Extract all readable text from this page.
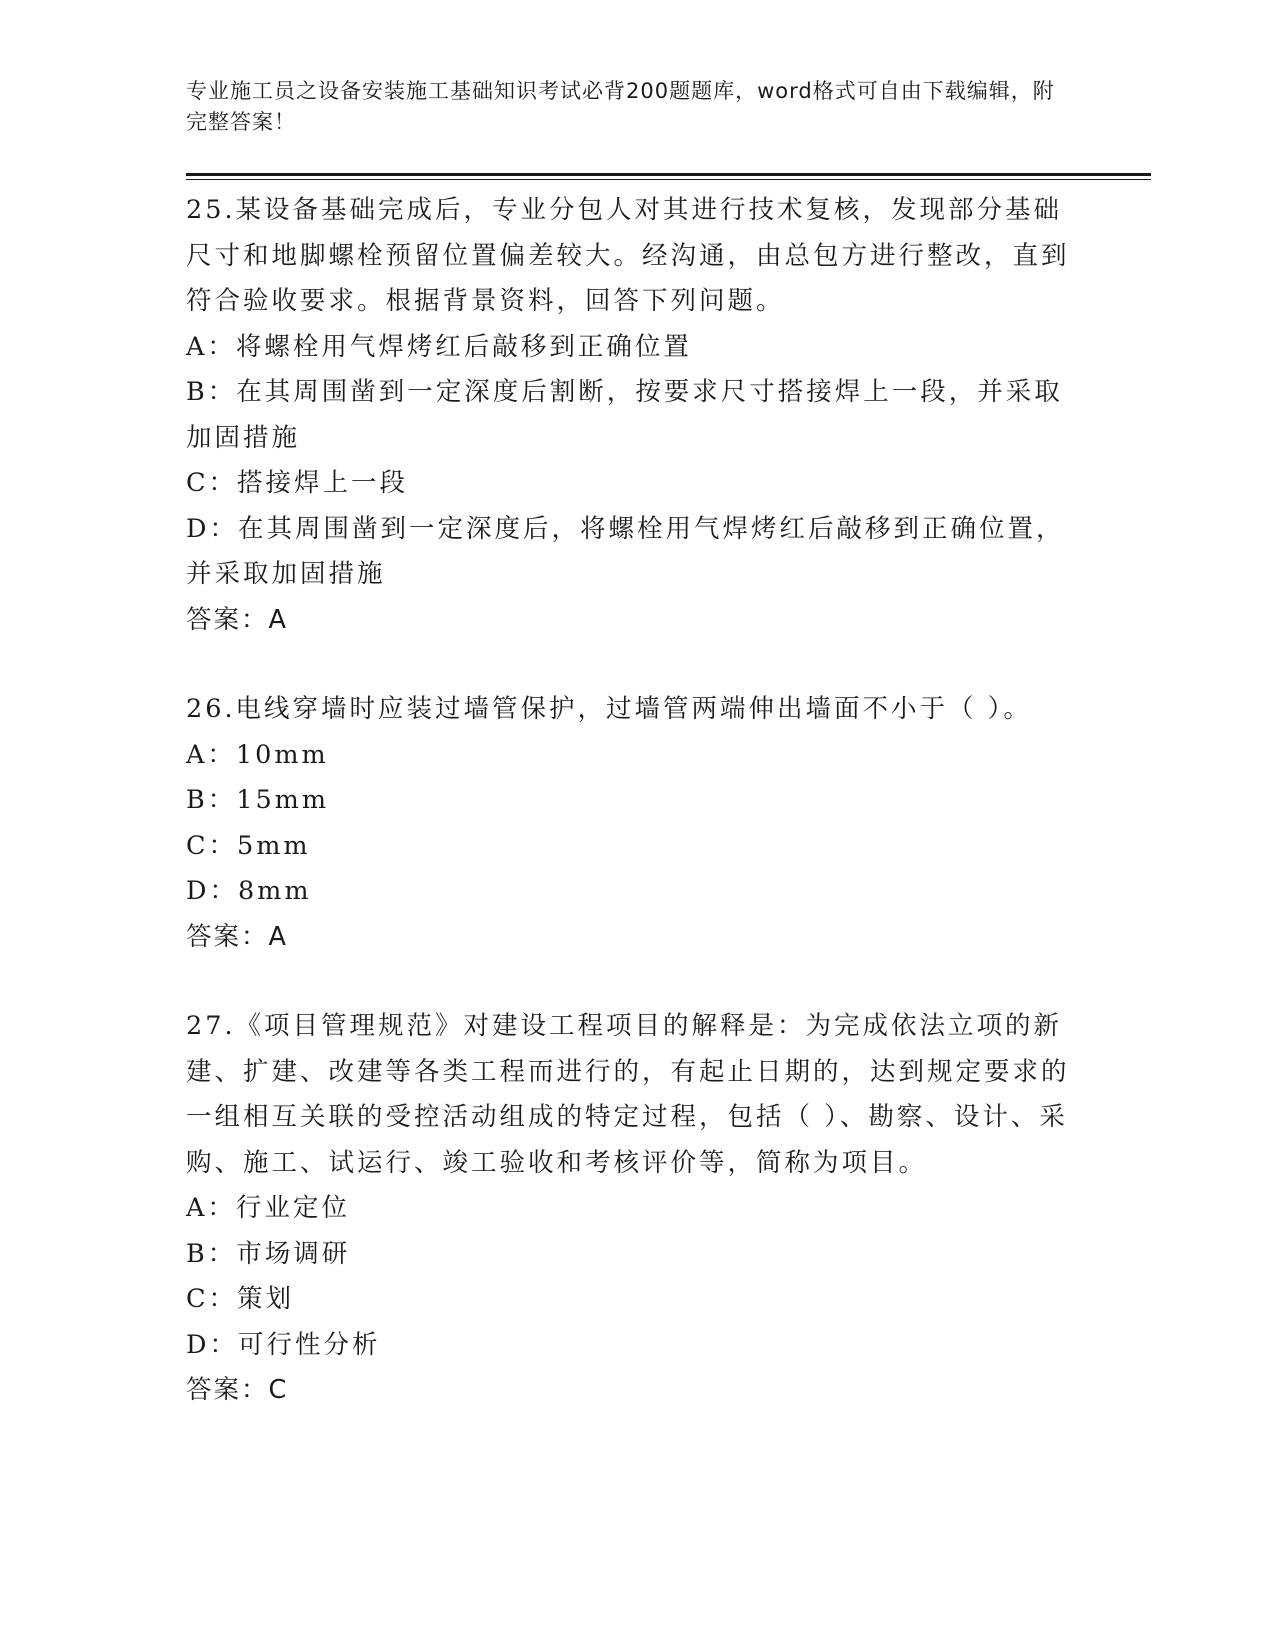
专业施工员之设备安装施工基础知识考试必背200题题库，word格式可自由下载编辑，附完整答案！

25.某设备基础完成后，专业分包人对其进行技术复核，发现部分基础尺寸和地脚螺栓预留位置偏差较大。经沟通，由总包方进行整改，直到符合验收要求。根据背景资料，回答下列问题。

A：将螺栓用气焊烤红后敲移到正确位置

B：在其周围凿到一定深度后割断，按要求尺寸搭接焊上一段，并采取加固措施

C：搭接焊上一段

D：在其周围凿到一定深度后，将螺栓用气焊烤红后敲移到正确位置，并采取加固措施

答案：A

26.电线穿墙时应装过墙管保护，过墙管两端伸出墙面不小于（ ）。

A：10mm

B：15mm

C：5mm

D：8mm

答案：A

27.《项目管理规范》对建设工程项目的解释是：为完成依法立项的新建、扩建、改建等各类工程而进行的，有起止日期的，达到规定要求的一组相互关联的受控活动组成的特定过程，包括（ ）、勘察、设计、采购、施工、试运行、竣工验收和考核评价等，简称为项目。

A：行业定位

B：市场调研

C：策划

D：可行性分析

答案：C
